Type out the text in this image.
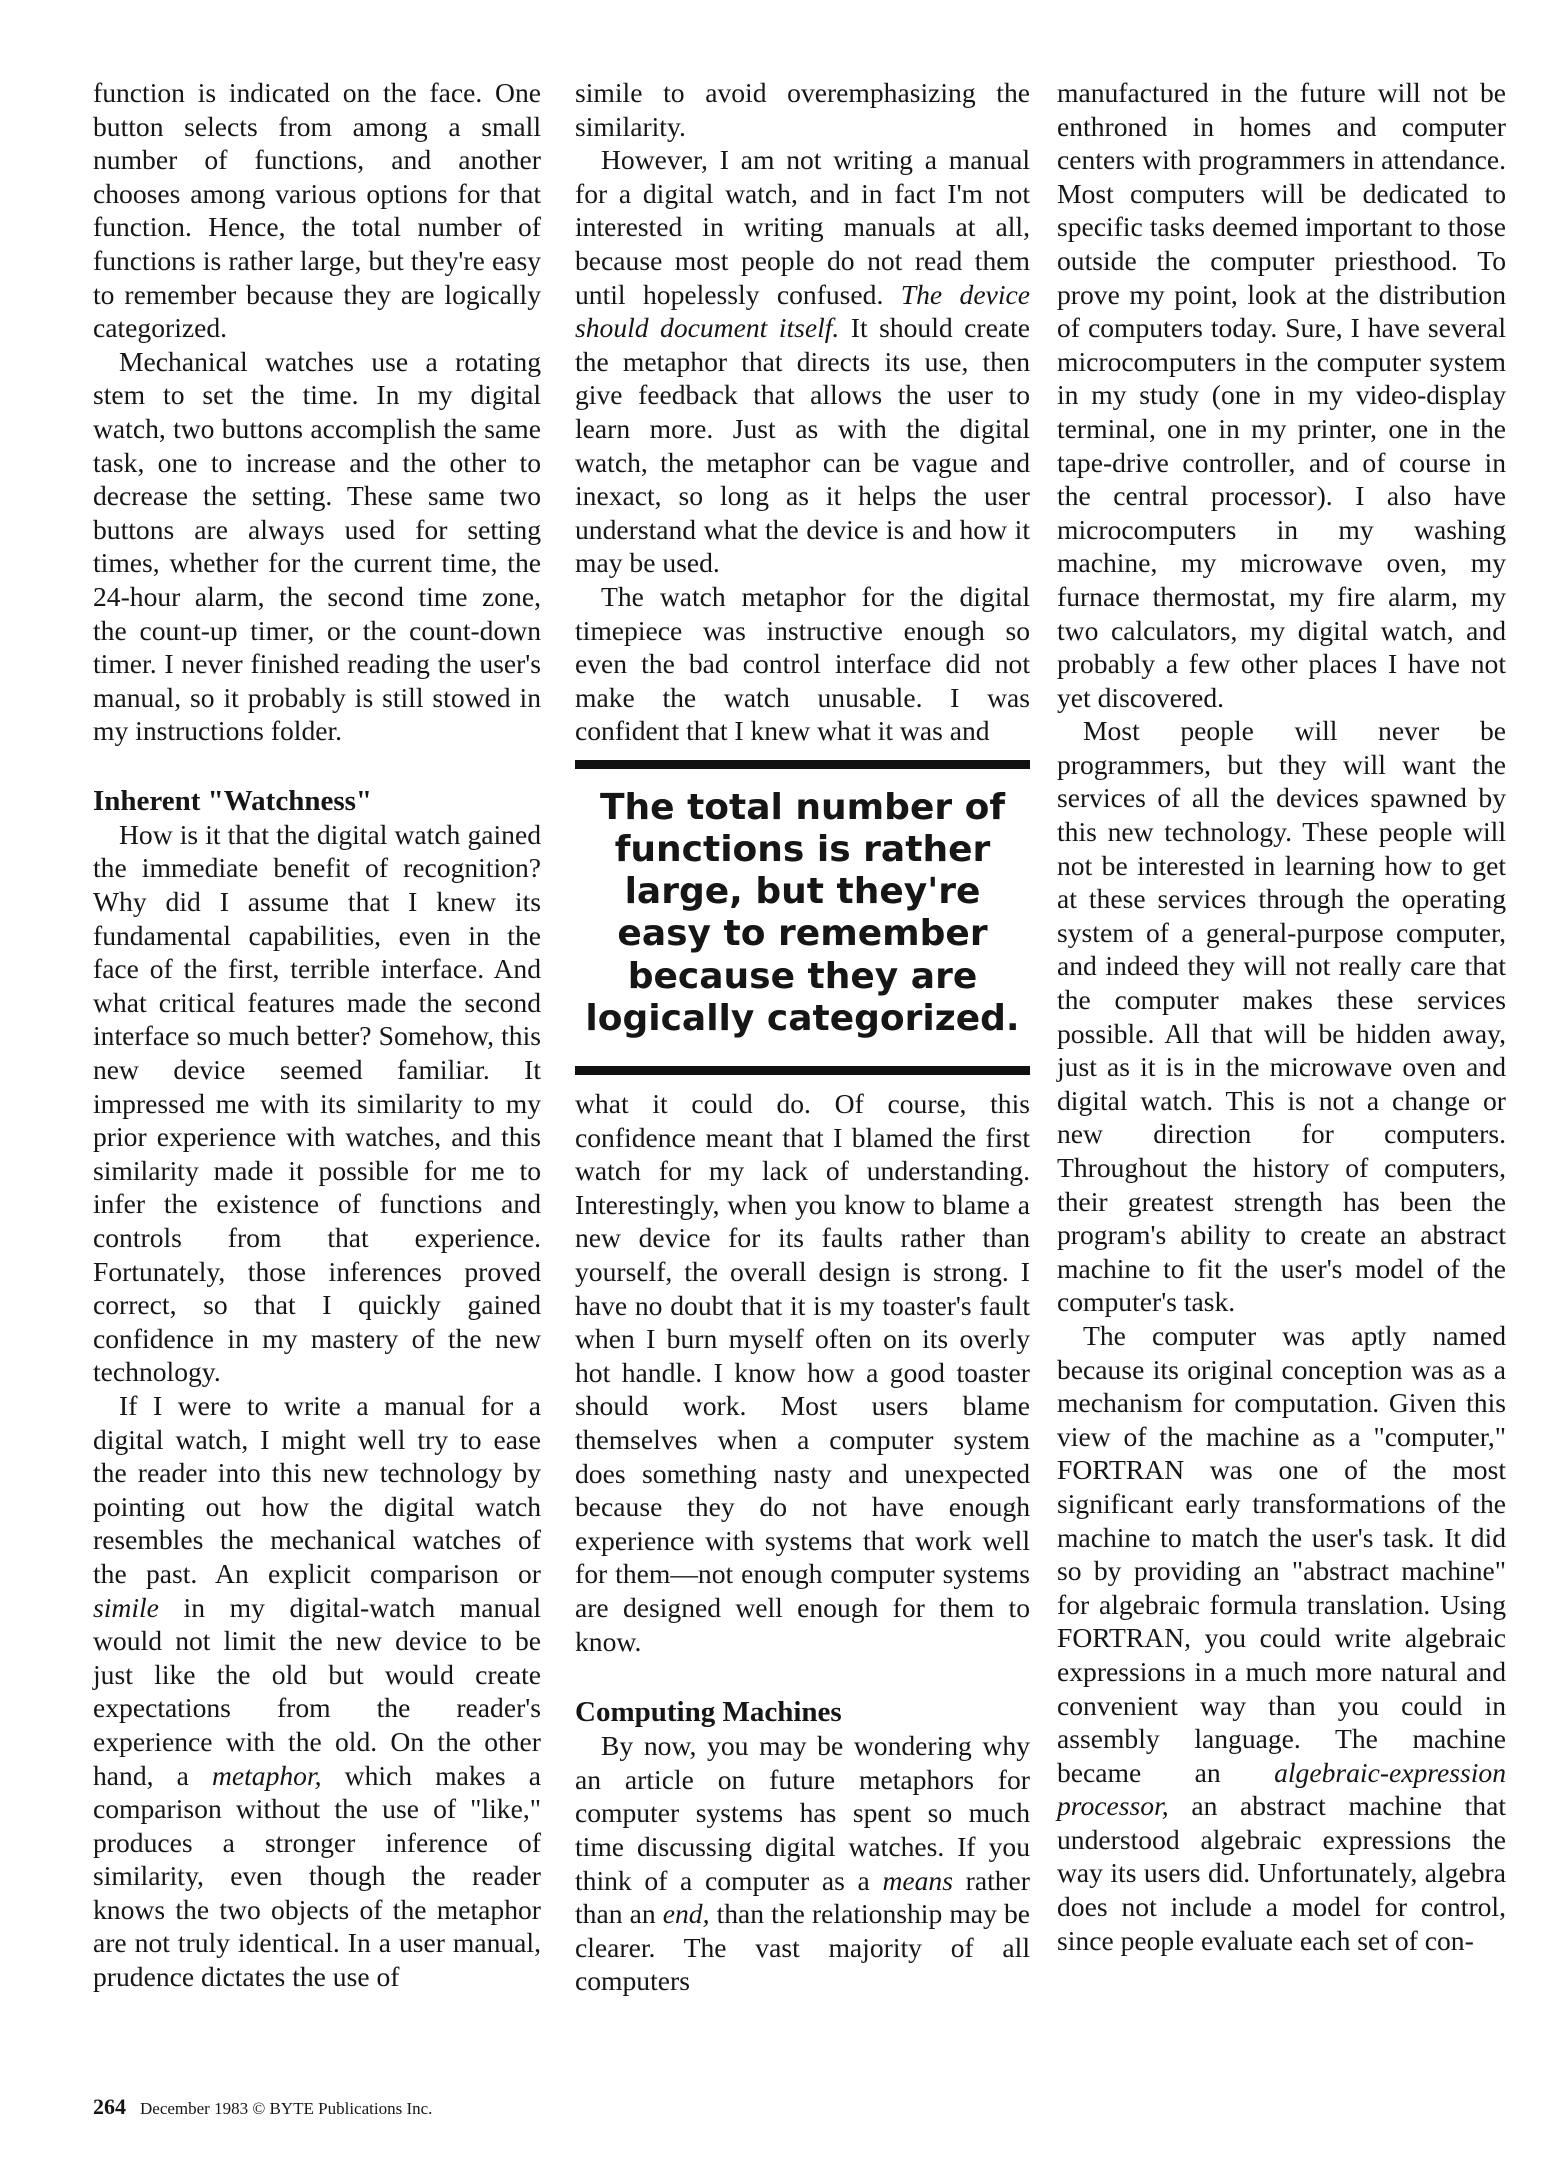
function is indicated on the face. One button selects from among a small number of functions, and another chooses among various options for that function. Hence, the total number of functions is rather large, but they're easy to remember because they are logically categorized.

Mechanical watches use a rotating stem to set the time. In my digital watch, two buttons accomplish the same task, one to increase and the other to decrease the setting. These same two buttons are always used for setting times, whether for the current time, the 24-hour alarm, the second time zone, the count-up timer, or the count-down timer. I never finished reading the user's manual, so it probably is still stowed in my instructions folder.

Inherent "Watchness"

How is it that the digital watch gained the immediate benefit of recognition? Why did I assume that I knew its fundamental capabilities, even in the face of the first, terrible interface. And what critical features made the second interface so much better? Somehow, this new device seemed familiar. It impressed me with its similarity to my prior experience with watches, and this similarity made it possible for me to infer the existence of functions and controls from that experience. Fortunately, those inferences proved correct, so that I quickly gained confidence in my mastery of the new technology.

If I were to write a manual for a digital watch, I might well try to ease the reader into this new technology by pointing out how the digital watch resembles the mechanical watches of the past. An explicit comparison or simile in my digital-watch manual would not limit the new device to be just like the old but would create expectations from the reader's experience with the old. On the other hand, a metaphor, which makes a comparison without the use of "like," produces a stronger inference of similarity, even though the reader knows the two objects of the metaphor are not truly identical. In a user manual, prudence dictates the use of

simile to avoid overemphasizing the similarity.

However, I am not writing a manual for a digital watch, and in fact I'm not interested in writing manuals at all, because most people do not read them until hopelessly confused. The device should document itself. It should create the metaphor that directs its use, then give feedback that allows the user to learn more. Just as with the digital watch, the metaphor can be vague and inexact, so long as it helps the user understand what the device is and how it may be used.

The watch metaphor for the digital timepiece was instructive enough so even the bad control interface did not make the watch unusable. I was confident that I knew what it was and

The total number of functions is rather large, but they're easy to remember because they are logically categorized.

what it could do. Of course, this confidence meant that I blamed the first watch for my lack of understanding. Interestingly, when you know to blame a new device for its faults rather than yourself, the overall design is strong. I have no doubt that it is my toaster's fault when I burn myself often on its overly hot handle. I know how a good toaster should work. Most users blame themselves when a computer system does something nasty and unexpected because they do not have enough experience with systems that work well for them—not enough computer systems are designed well enough for them to know.

Computing Machines

By now, you may be wondering why an article on future metaphors for computer systems has spent so much time discussing digital watches. If you think of a computer as a means rather than an end, than the relationship may be clearer. The vast majority of all computers

manufactured in the future will not be enthroned in homes and computer centers with programmers in attendance. Most computers will be dedicated to specific tasks deemed important to those outside the computer priesthood. To prove my point, look at the distribution of computers today. Sure, I have several microcomputers in the computer system in my study (one in my video-display terminal, one in my printer, one in the tape-drive controller, and of course in the central processor). I also have microcomputers in my washing machine, my microwave oven, my furnace thermostat, my fire alarm, my two calculators, my digital watch, and probably a few other places I have not yet discovered.

Most people will never be programmers, but they will want the services of all the devices spawned by this new technology. These people will not be interested in learning how to get at these services through the operating system of a general-purpose computer, and indeed they will not really care that the computer makes these services possible. All that will be hidden away, just as it is in the microwave oven and digital watch. This is not a change or new direction for computers. Throughout the history of computers, their greatest strength has been the program's ability to create an abstract machine to fit the user's model of the computer's task.

The computer was aptly named because its original conception was as a mechanism for computation. Given this view of the machine as a "computer," FORTRAN was one of the most significant early transformations of the machine to match the user's task. It did so by providing an "abstract machine" for algebraic formula translation. Using FORTRAN, you could write algebraic expressions in a much more natural and convenient way than you could in assembly language. The machine became an algebraic-expression processor, an abstract machine that understood algebraic expressions the way its users did. Unfortunately, algebra does not include a model for control, since people evaluate each set of con-

264 December 1983 © BYTE Publications Inc.
